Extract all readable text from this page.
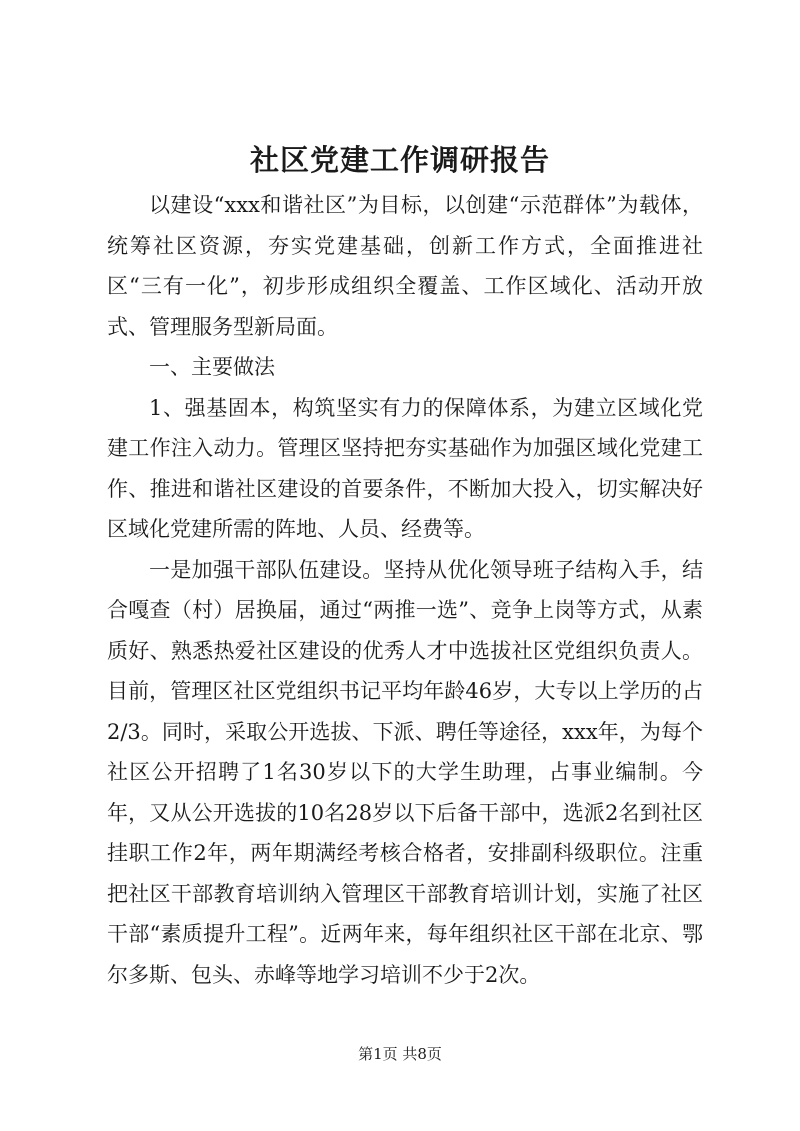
社区党建工作调研报告

以建设“xxx和谐社区”为目标，以创建“示范群体”为载体，统筹社区资源，夯实党建基础，创新工作方式，全面推进社区“三有一化”，初步形成组织全覆盖、工作区域化、活动开放式、管理服务型新局面。

一、主要做法

1、强基固本，构筑坚实有力的保障体系，为建立区域化党建工作注入动力。管理区坚持把夯实基础作为加强区域化党建工作、推进和谐社区建设的首要条件，不断加大投入，切实解决好区域化党建所需的阵地、人员、经费等。

一是加强干部队伍建设。坚持从优化领导班子结构入手，结合嘎查（村）居换届，通过“两推一选”、竞争上岗等方式，从素质好、熟悉热爱社区建设的优秀人才中选拔社区党组织负责人。目前，管理区社区党组织书记平均年龄46岁，大专以上学历的占2/3。同时，采取公开选拔、下派、聘任等途径，xxx年，为每个社区公开招聘了1名30岁以下的大学生助理，占事业编制。今年，又从公开选拔的10名28岁以下后备干部中，选派2名到社区挂职工作2年，两年期满经考核合格者，安排副科级职位。注重把社区干部教育培训纳入管理区干部教育培训计划，实施了社区干部“素质提升工程”。近两年来，每年组织社区干部在北京、鄂尔多斯、包头、赤峰等地学习培训不少于2次。

第1页 共8页
